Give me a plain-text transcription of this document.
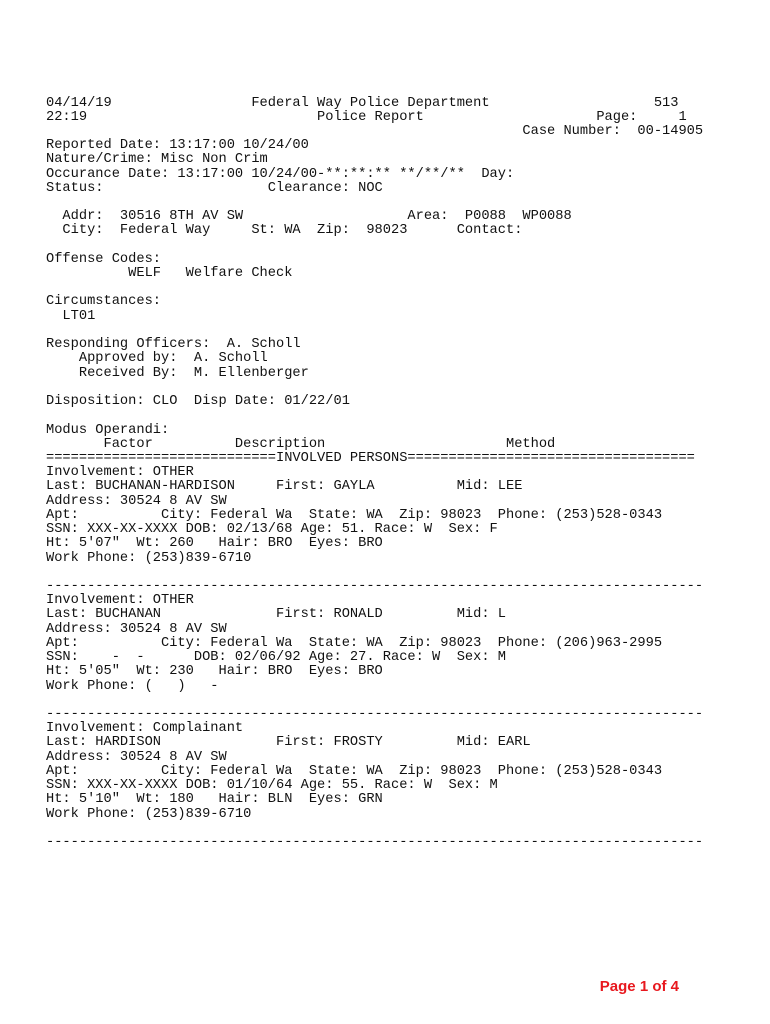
04/14/19                 Federal Way Police Department                    513
22:19                            Police Report                     Page:     1
Case Number:  00-14905
Reported Date: 13:17:00 10/24/00
Nature/Crime: Misc Non Crim
Occurance Date: 13:17:00 10/24/00-**:**:** **/**/**  Day:
Status:                    Clearance: NOC
Addr:  30516 8TH AV SW                    Area:  P0088  WP0088
City:  Federal Way     St: WA  Zip:  98023      Contact:
Offense Codes:
WELF   Welfare Check
Circumstances:
LT01
Responding Officers:  A. Scholl
Approved by:  A. Scholl
Received By:  M. Ellenberger
Disposition: CLO  Disp Date: 01/22/01
Modus Operandi:
Factor          Description                      Method
============================INVOLVED PERSONS===================================
Involvement: OTHER
Last: BUCHANAN-HARDISON     First: GAYLA          Mid: LEE
Address: 30524 8 AV SW
Apt:          City: Federal Wa  State: WA  Zip: 98023  Phone: (253)528-0343
SSN: XXX-XX-XXXX DOB: 02/13/68 Age: 51. Race: W  Sex: F
Ht: 5'07"  Wt: 260   Hair: BRO  Eyes: BRO
Work Phone: (253)839-6710
--------------------------------------------------------------------------------
Involvement: OTHER
Last: BUCHANAN              First: RONALD         Mid: L
Address: 30524 8 AV SW
Apt:          City: Federal Wa  State: WA  Zip: 98023  Phone: (206)963-2995
SSN:    -  -      DOB: 02/06/92 Age: 27. Race: W  Sex: M
Ht: 5'05"  Wt: 230   Hair: BRO  Eyes: BRO
Work Phone: (   )   -
--------------------------------------------------------------------------------
Involvement: Complainant
Last: HARDISON              First: FROSTY         Mid: EARL
Address: 30524 8 AV SW
Apt:          City: Federal Wa  State: WA  Zip: 98023  Phone: (253)528-0343
SSN: XXX-XX-XXXX DOB: 01/10/64 Age: 55. Race: W  Sex: M
Ht: 5'10"  Wt: 180   Hair: BLN  Eyes: GRN
Work Phone: (253)839-6710
--------------------------------------------------------------------------------
Page 1 of 4
